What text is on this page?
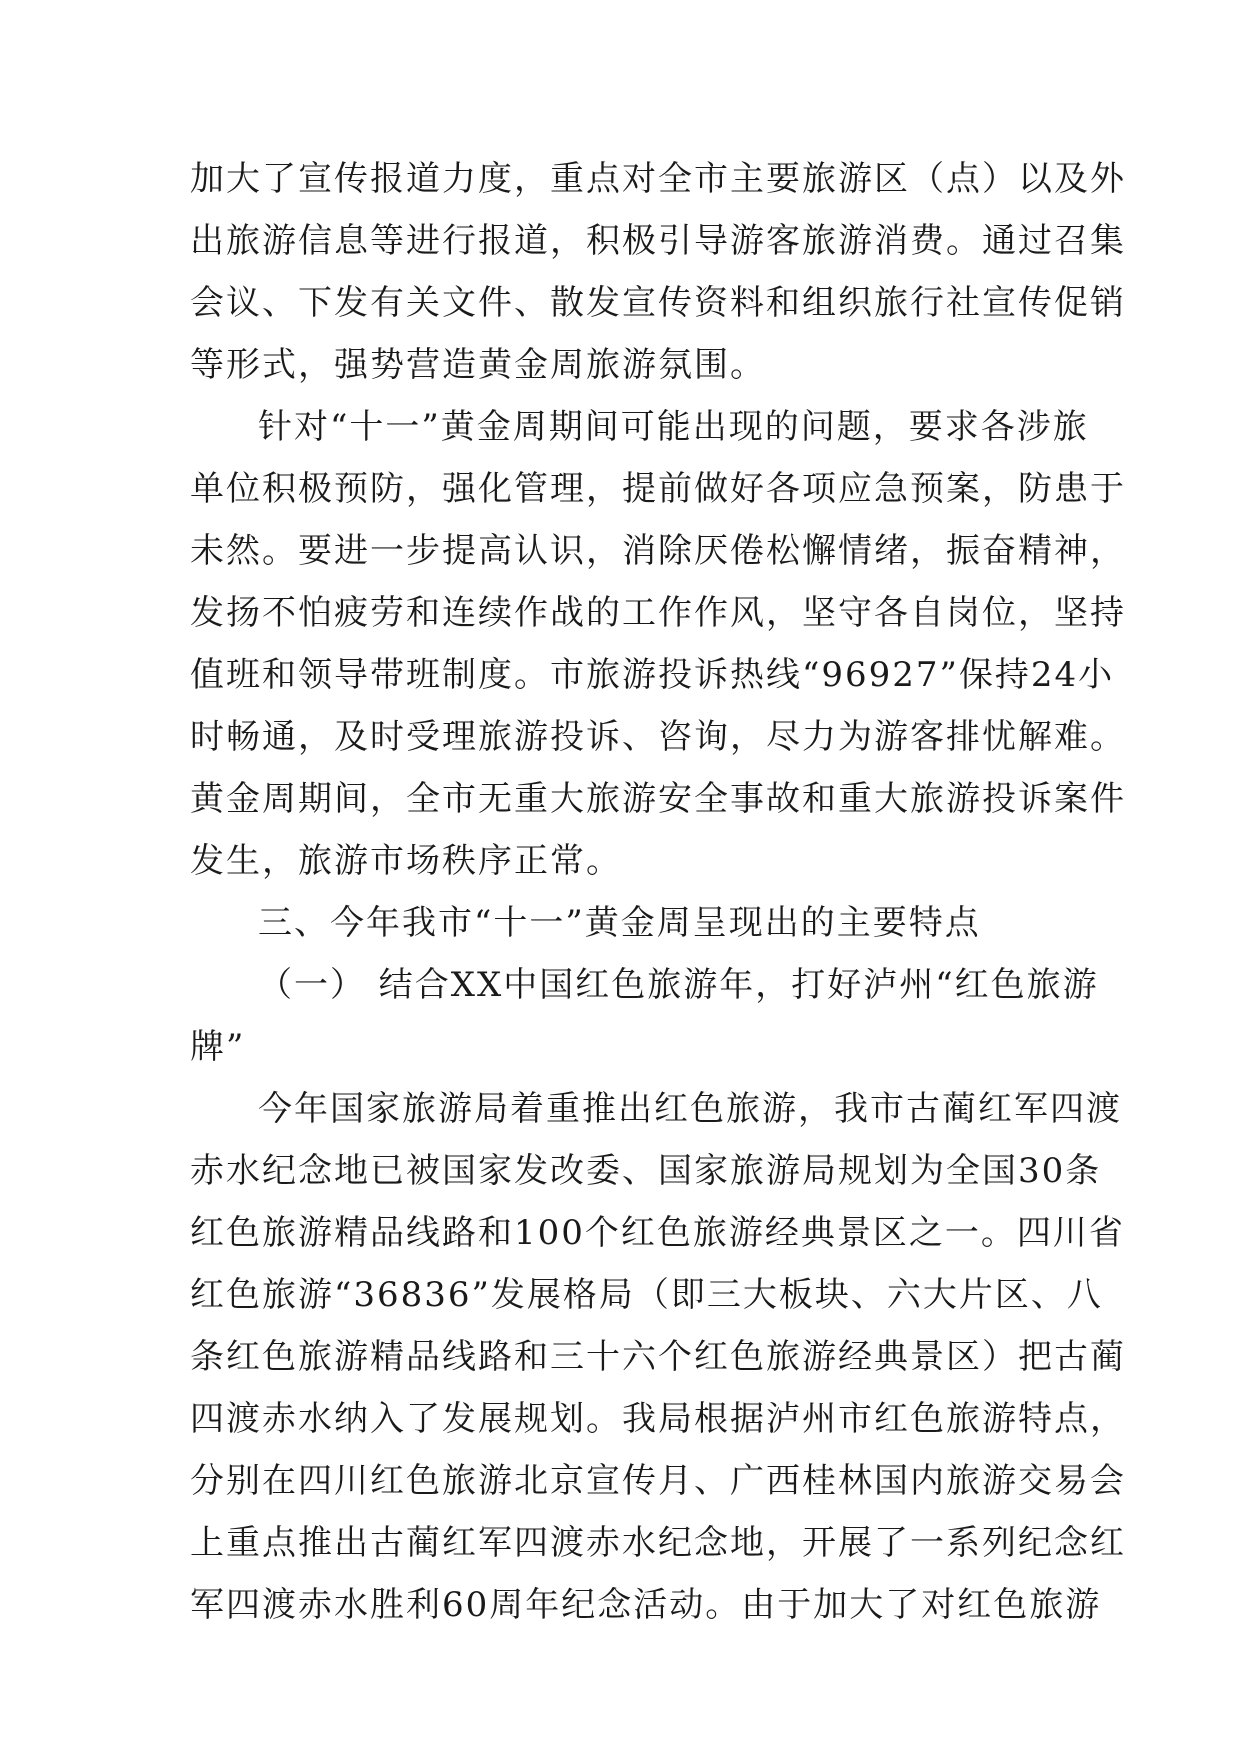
加大了宣传报道力度，重点对全市主要旅游区（点）以及外
出旅游信息等进行报道，积极引导游客旅游消费。通过召集
会议、下发有关文件、散发宣传资料和组织旅行社宣传促销
等形式，强势营造黄金周旅游氛围。
针对“十一”黄金周期间可能出现的问题，要求各涉旅
单位积极预防，强化管理，提前做好各项应急预案，防患于
未然。要进一步提高认识，消除厌倦松懈情绪，振奋精神，
发扬不怕疲劳和连续作战的工作作风，坚守各自岗位，坚持
值班和领导带班制度。市旅游投诉热线“96927”保持24小
时畅通，及时受理旅游投诉、咨询，尽力为游客排忧解难。
黄金周期间，全市无重大旅游安全事故和重大旅游投诉案件
发生，旅游市场秩序正常。
三、今年我市“十一”黄金周呈现出的主要特点
（一） 结合XX中国红色旅游年，打好泸州“红色旅游
牌”
今年国家旅游局着重推出红色旅游，我市古蔺红军四渡
赤水纪念地已被国家发改委、国家旅游局规划为全国30条
红色旅游精品线路和100个红色旅游经典景区之一。四川省
红色旅游“36836”发展格局（即三大板块、六大片区、八
条红色旅游精品线路和三十六个红色旅游经典景区）把古蔺
四渡赤水纳入了发展规划。我局根据泸州市红色旅游特点，
分别在四川红色旅游北京宣传月、广西桂林国内旅游交易会
上重点推出古蔺红军四渡赤水纪念地，开展了一系列纪念红
军四渡赤水胜利60周年纪念活动。由于加大了对红色旅游
